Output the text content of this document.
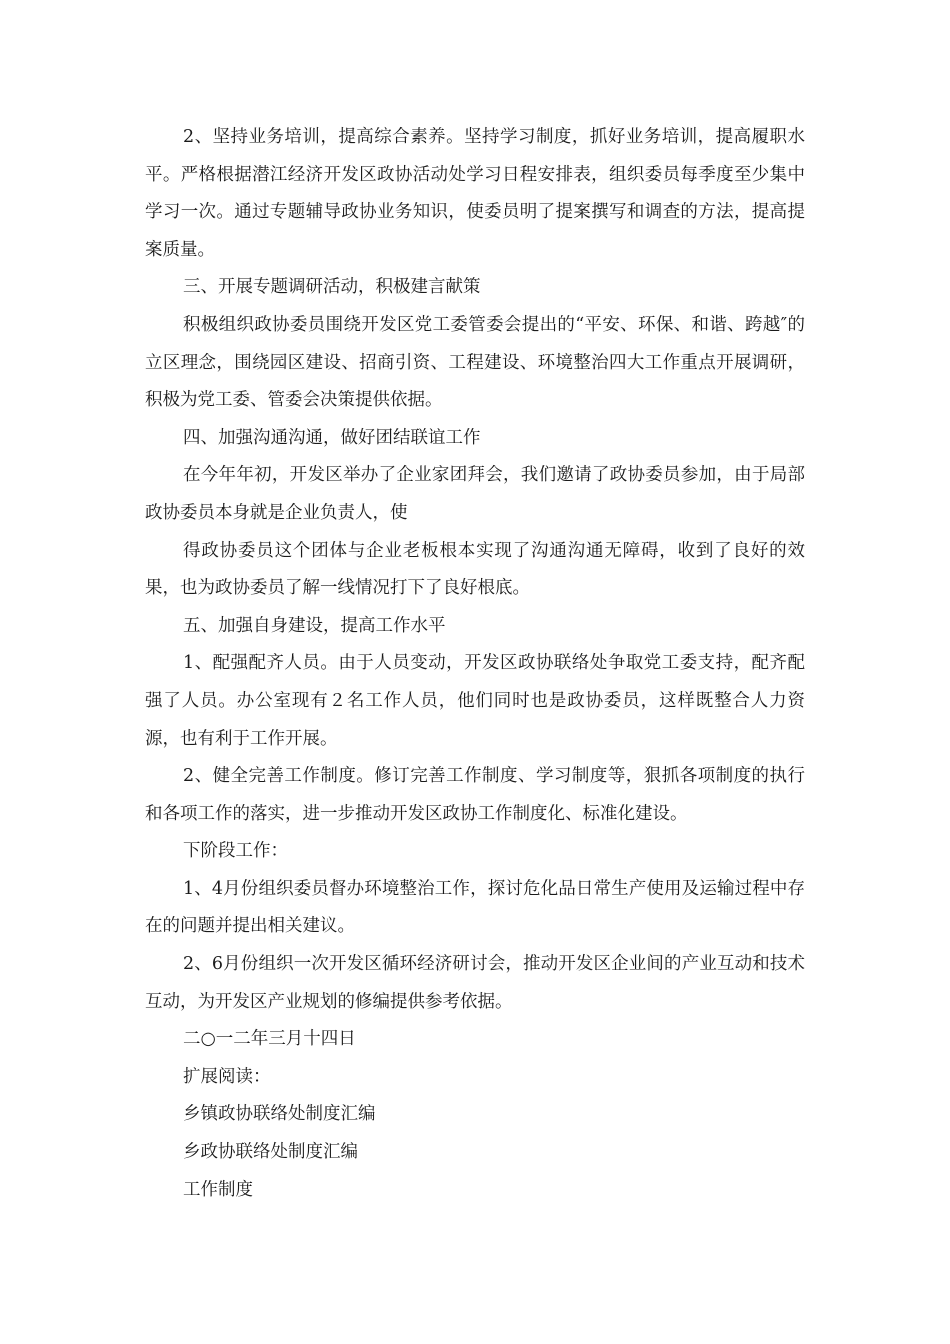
2、坚持业务培训，提高综合素养。坚持学习制度，抓好业务培训，提高履职水平。严格根据潜江经济开发区政协活动处学习日程安排表，组织委员每季度至少集中学习一次。通过专题辅导政协业务知识，使委员明了提案撰写和调查的方法，提高提案质量。

三、开展专题调研活动，积极建言献策

积极组织政协委员围绕开发区党工委管委会提出的“平安、环保、和谐、跨越″的立区理念，围绕园区建设、招商引资、工程建设、环境整治四大工作重点开展调研，积极为党工委、管委会决策提供依据。

四、加强沟通沟通，做好团结联谊工作

在今年年初，开发区举办了企业家团拜会，我们邀请了政协委员参加，由于局部政协委员本身就是企业负责人，使

得政协委员这个团体与企业老板根本实现了沟通沟通无障碍，收到了良好的效果，也为政协委员了解一线情况打下了良好根底。

五、加强自身建设，提高工作水平

1、配强配齐人员。由于人员变动，开发区政协联络处争取党工委支持，配齐配强了人员。办公室现有２名工作人员，他们同时也是政协委员，这样既整合人力资源，也有利于工作开展。

2、健全完善工作制度。修订完善工作制度、学习制度等，狠抓各项制度的执行和各项工作的落实，进一步推动开发区政协工作制度化、标准化建设。

下阶段工作：

1、4月份组织委员督办环境整治工作，探讨危化品日常生产使用及运输过程中存在的问题并提出相关建议。

2、6月份组织一次开发区循环经济研讨会，推动开发区企业间的产业互动和技术互动，为开发区产业规划的修编提供参考依据。

二○一二年三月十四日

扩展阅读：

乡镇政协联络处制度汇编

乡政协联络处制度汇编

工作制度
